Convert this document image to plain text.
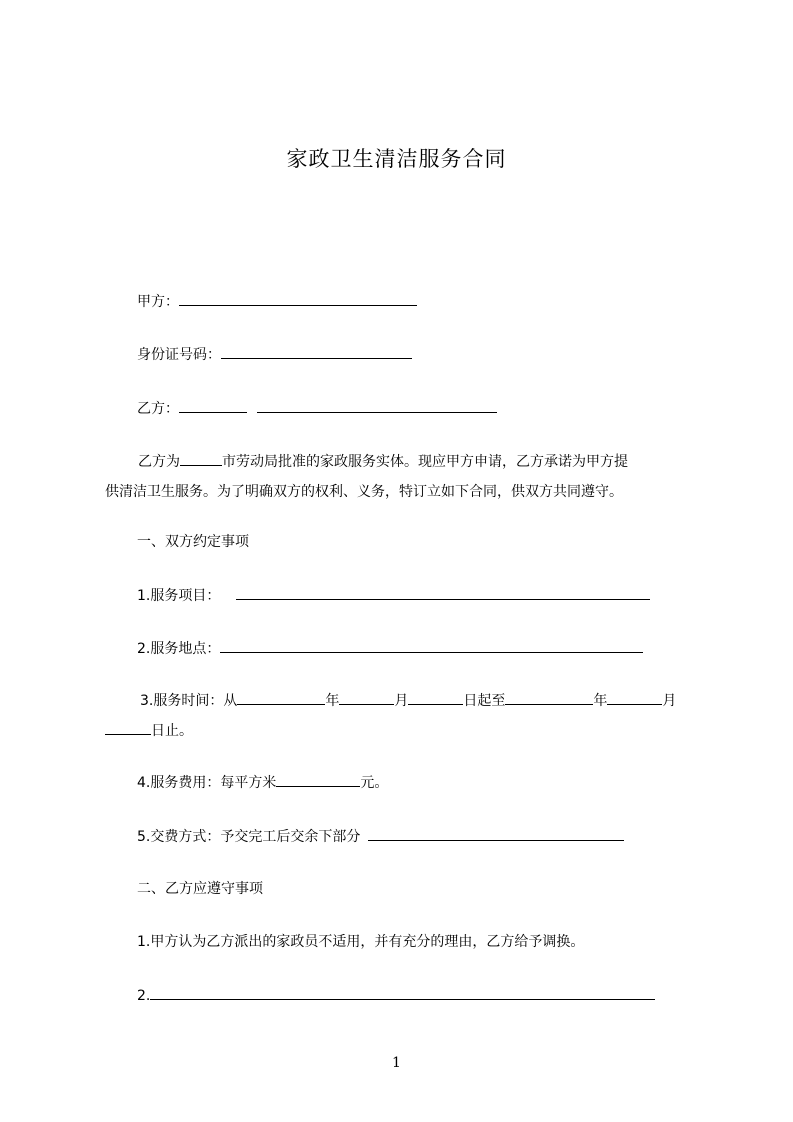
家政卫生清洁服务合同
甲方：
身份证号码：
乙方：
乙方为	市劳动局批准的家政服务实体。现应甲方申请，乙方承诺为甲方提
供清洁卫生服务。为了明确双方的权利、义务，特订立如下合同，供双方共同遵守。
一、双方约定事项
1.服务项目：
2.服务地点：
3.服务时间：从	年	月	日起至	年	月
日止。
4.服务费用：每平方米	元。
5.交费方式：予交完工后交余下部分
二、乙方应遵守事项
1.甲方认为乙方派出的家政员不适用，并有充分的理由，乙方给予调换。
2.
1
